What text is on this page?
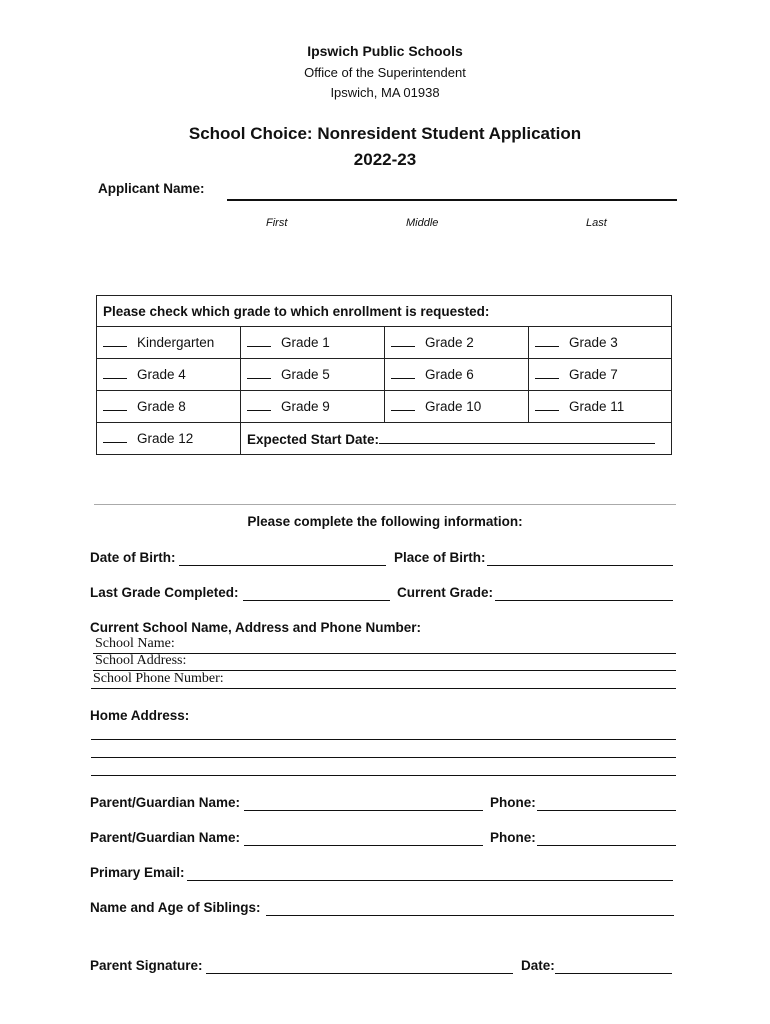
Ipswich Public Schools
Office of the Superintendent
Ipswich, MA 01938
School Choice: Nonresident Student Application
2022-23
Applicant Name:
First	Middle	Last
Please check which grade to which enrollment is requested:			
Kindergarten	Grade 1	Grade 2	Grade 3
Grade 4	Grade 5	Grade 6	Grade 7
Grade 8	Grade 9	Grade 10	Grade 11
Grade 12	Expected Start Date:		
Please complete the following information:
Date of Birth:	Place of Birth:
Last Grade Completed:	Current Grade:
Current School Name, Address and Phone Number:
School Name:
School Address:
School Phone Number:
Home Address:
Parent/Guardian Name:	Phone:
Parent/Guardian Name:	Phone:
Primary Email:
Name and Age of Siblings:
Parent Signature:	Date:
